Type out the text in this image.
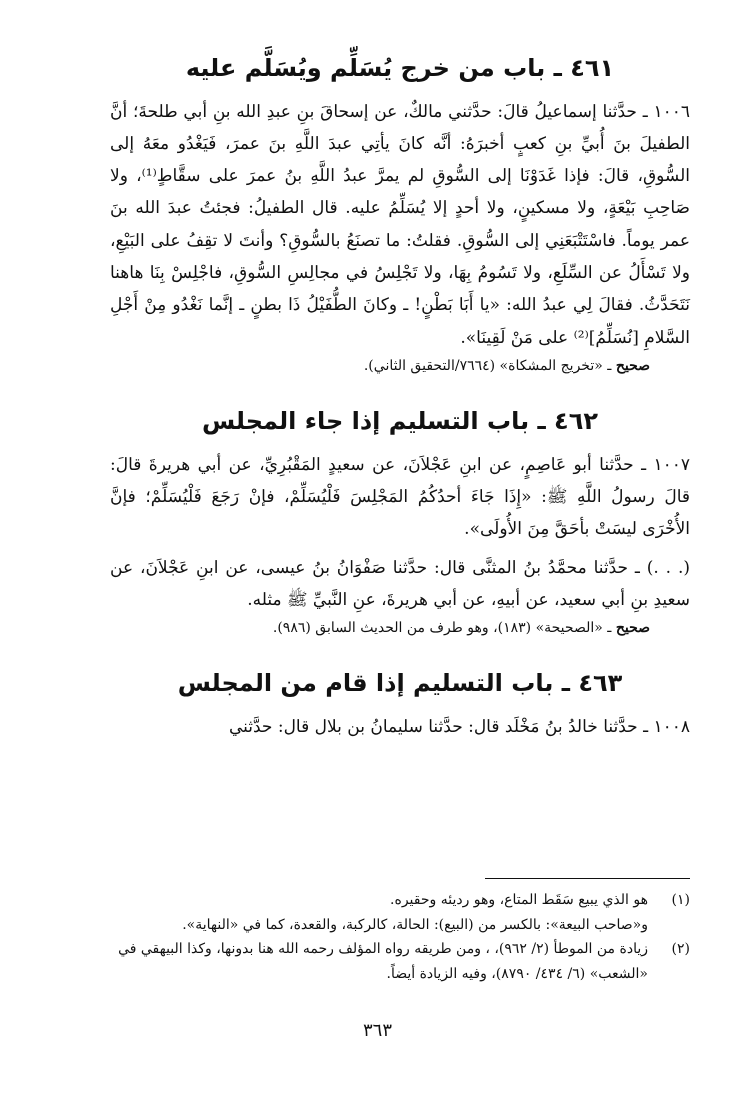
٤٦١ ـ باب من خرج يُسَلِّم ويُسَلَّم عليه

١٠٠٦ ـ حدَّثنا إسماعيلُ قالَ: حدَّثني مالكٌ، عن إسحاقَ بنِ عبدِ الله بنِ أبي طلحةَ؛ أنَّ الطفيلَ بنَ أُبيِّ بنِ كعبٍ أخبرَهُ: أنَّه كانَ يأتِي عبدَ اللَّهِ بنَ عمرَ، فَيَغْدُو معَهُ إلى السُّوقِ، قالَ: فإذا غَدَوْنَا إلى السُّوقِ لم يمرَّ عبدُ اللَّهِ بنُ عمرَ على سقَّاطٍ⁽¹⁾، ولا صَاحِبِ بَيْعَةٍ، ولا مسكينٍ، ولا أحدٍ إلا يُسَلِّمُ عليه. قال الطفيلُ: فجئتُ عبدَ الله بنَ عمر يوماً. فاسْتَتْبَعَنِي إلى السُّوقِ. فقلتُ: ما تصنَعُ بالسُّوقِ؟ وأنتَ لا تقِفُ على البَيْعِ، ولا تَسْأَلُ عن السِّلَعِ، ولا تَسُومُ بِهَا، ولا تَجْلِسُ في مجالِسِ السُّوقِ، فاجْلِسْ بِنَا هاهنا نَتَحَدَّثُ. فقالَ لِي عبدُ الله: «يا أَبَا بَطْنٍ! ـ وكانَ الطُّفَيْلُ ذَا بطنٍ ـ إنَّما نَغْدُو مِنْ أَجْلِ السَّلامِ [نُسَلِّمُ]⁽²⁾ على مَنْ لَقِينَا».

صحيح ـ «تخريج المشكاة» (٧٦٦٤/التحقيق الثاني).

٤٦٢ ـ باب التسليم إذا جاء المجلس

١٠٠٧ ـ حدَّثنا أبو عَاصِمٍ، عن ابنِ عَجْلاَنَ، عن سعيدٍ المَقْبُرِيِّ، عن أبي هريرةَ قالَ: قالَ رسولُ اللَّهِ ﷺ: «إِذَا جَاءَ أحدُكُمُ المَجْلِسَ فَلْيُسَلِّمْ، فإنْ رَجَعَ فَلْيُسَلِّمْ؛ فإنَّ الأُخْرَى ليسَتْ بأحَقَّ مِنَ الأُولَى».

(. . .) ـ حدَّثنا محمَّدُ بنُ المثنَّى قال: حدَّثنا صَفْوَانُ بنُ عيسى، عن ابنِ عَجْلاَنَ، عن سعيدِ بنِ أبي سعيد، عن أبيهِ، عن أبي هريرةَ، عنِ النَّبيِّ ﷺ مثله.

صحيح ـ «الصحيحة» (١٨٣)، وهو طرف من الحديث السابق (٩٨٦).

٤٦٣ ـ باب التسليم إذا قام من المجلس

١٠٠٨ ـ حدَّثنا خالدُ بنُ مَخْلَد قال: حدَّثنا سليمانُ بن بلال قال: حدَّثني

(١)
هو الذي يبيع سَقَط المتاع، وهو رديئه وحقيره.
و«صاحب البيعة»: بالكسر من (البيع): الحالة، كالركبة، والقعدة، كما في «النهاية».
(٢)
زيادة من الموطأ (٢/ ٩٦٢)، ، ومن طريقه رواه المؤلف رحمه الله هنا بدونها، وكذا البيهقي في «الشعب» (٦/ ٤٣٤/ ٨٧٩٠)، وفيه الزيادة أيضاً.
٣٦٣
